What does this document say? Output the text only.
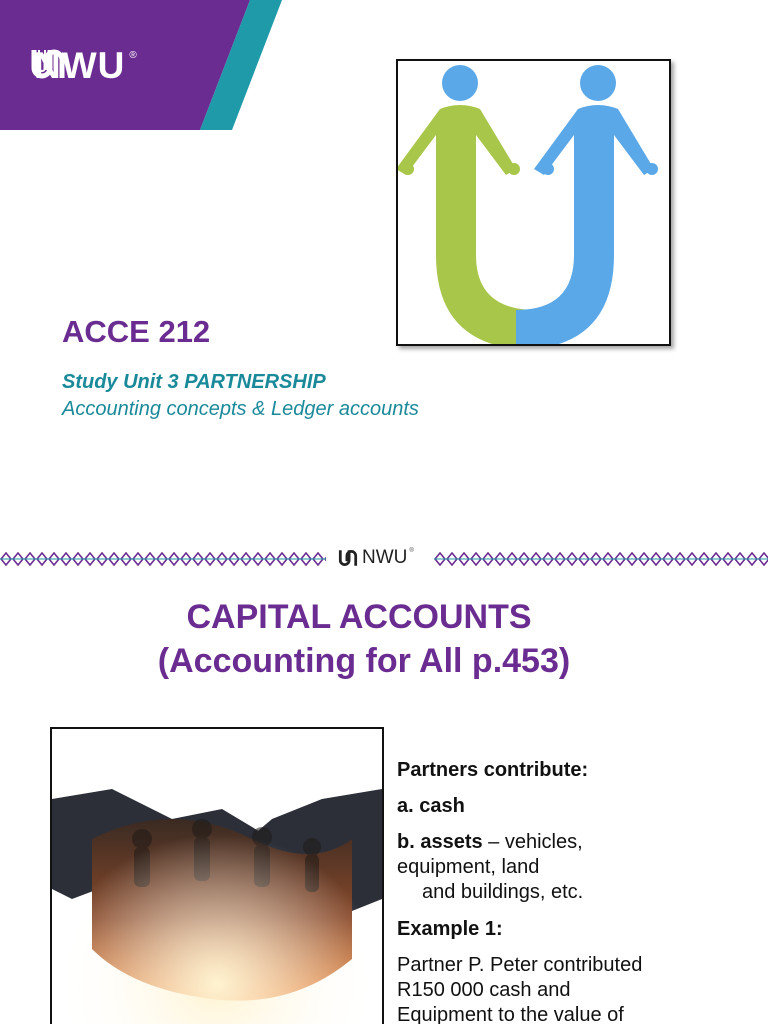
NWU ®
ACCE 212

Study Unit 3 PARTNERSHIP

Accounting concepts & Ledger accounts

NWU ®
CAPITAL ACCOUNTS
(Accounting for All p.453)

Partners contribute:

a. cash

b. assets – vehicles,

equipment, land

and buildings, etc.

Example 1:

Partner P. Peter contributed

R150 000 cash and

Equipment to the value of
